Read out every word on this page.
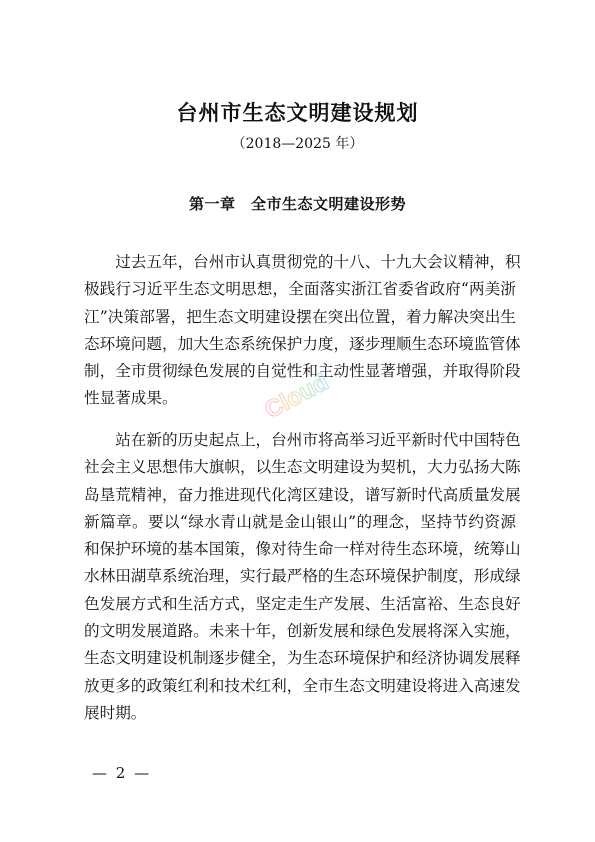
台州市生态文明建设规划

（2018—2025 年）

第一章　全市生态文明建设形势
　　过去五年，台州市认真贯彻党的十八、十九大会议精神，积
极践行习近平生态文明思想，全面落实浙江省委省政府“两美浙
江”决策部署，把生态文明建设摆在突出位置，着力解决突出生
态环境问题，加大生态系统保护力度，逐步理顺生态环境监管体
制，全市贯彻绿色发展的自觉性和主动性显著增强，并取得阶段
性显著成果。
　　站在新的历史起点上，台州市将高举习近平新时代中国特色
社会主义思想伟大旗帜，以生态文明建设为契机，大力弘扬大陈
岛垦荒精神，奋力推进现代化湾区建设，谱写新时代高质量发展
新篇章。要以“绿水青山就是金山银山”的理念，坚持节约资源
和保护环境的基本国策，像对待生命一样对待生态环境，统筹山
水林田湖草系统治理，实行最严格的生态环境保护制度，形成绿
色发展方式和生活方式，坚定走生产发展、生活富裕、生态良好
的文明发展道路。未来十年，创新发展和绿色发展将深入实施，
生态文明建设机制逐步健全，为生态环境保护和经济协调发展释
放更多的政策红利和技术红利，全市生态文明建设将进入高速发
展时期。
Cloud

— 2 —
